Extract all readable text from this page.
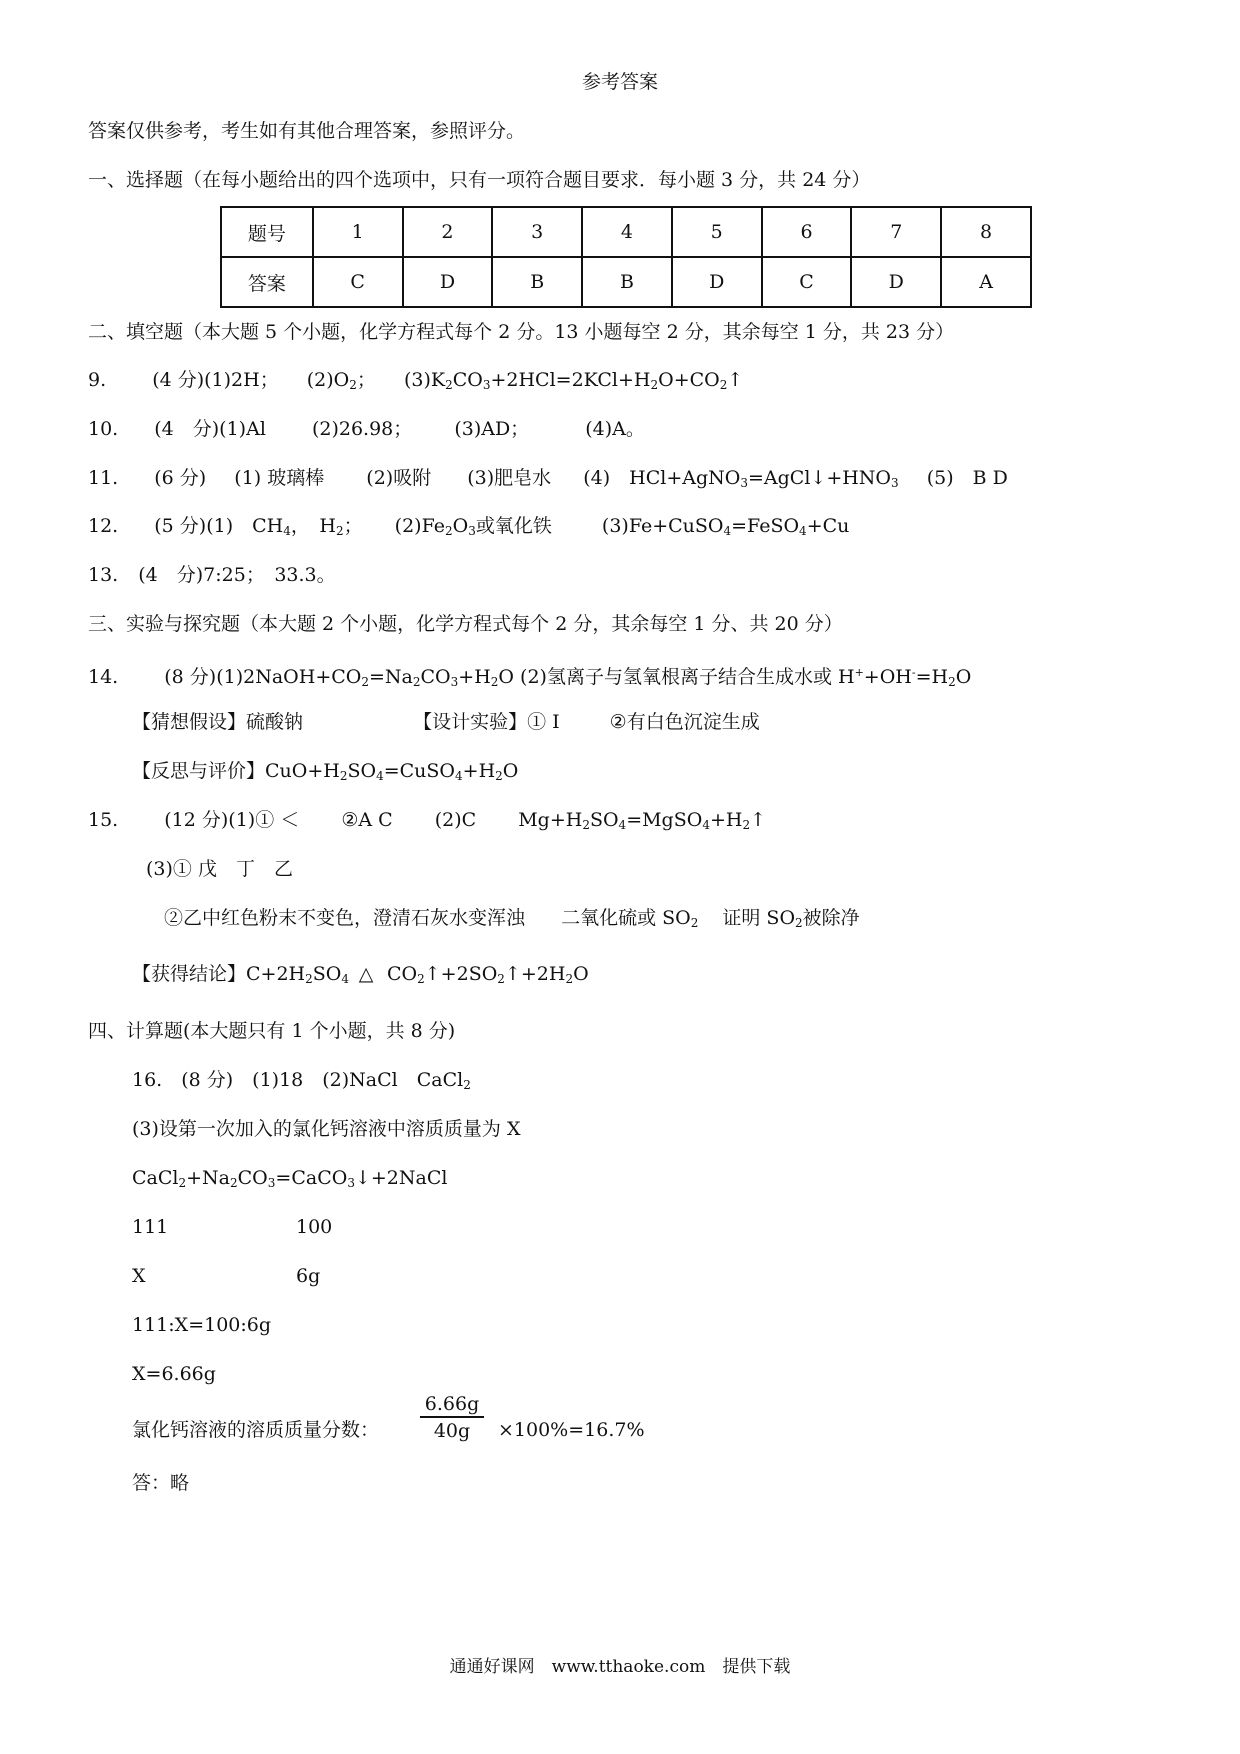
参考答案
答案仅供参考，考生如有其他合理答案，参照评分。
一、选择题（在每小题给出的四个选项中，只有一项符合题目要求．每小题 3 分，共 24 分）
题号	1	2	3	4	5	6	7	8
答案	C	D	B	B	D	C	D	A
二、填空题（本大题 5 个小题，化学方程式每个 2 分。13 小题每空 2 分，其余每空 1 分，共 23 分）
9. (4 分)(1)2H； $(2)O_2$； $(3)K_2CO_3+2HCl=2KCl+H_2O+CO_2↑$
10. (4　分)(1)Al (2)26.98； (3)AD；	(4)A。
11. (6 分) (1) 玻璃棒 (2)吸附 (3)肥皂水 (4)　$HCl+AgNO_3=AgCl↓+HNO_3$ (5)　B D
12. (5 分)(1)　$CH_4$，　$H_2$； $(2)Fe_2O_3$或氧化铁	(3)Fe+CuSO$_4$=FeSO$_4$+Cu
13. (4　分)7:25；　33.3。
三、实验与探究题（本大题 2 个小题，化学方程式每个 2 分，其余每空 1 分、共 20 分）
14. (8 分)$(1)2NaOH+CO_2=Na_2CO_3+H_2O$ (2)氢离子与氢氧根离子结合生成水或 $H^++OH^-=H_2O$
【猜想假设】硫酸钠	【设计实验】① I	②有白色沉淀生成
【反思与评价】$CuO+H_2SO_4=CuSO_4+H_2O$
15. (12 分)(1)① ＜ ②A C (2)C $Mg+H_2SO_4=MgSO_4+H_2↑$
(3)① 戊　丁　乙
②乙中红色粉末不变色，澄清石灰水变浑浊 二氧化硫或 $SO_2$ 证明 $SO_2$被除净
【获得结论】$C+2H_2SO_4$ △ $CO_2↑+2SO_2↑+2H_2O$
四、计算题(本大题只有 1 个小题，共 8 分)
16.　(8 分)　(1)18　(2)NaCl　CaCl$_2$
(3)设第一次加入的氯化钙溶液中溶质质量为 X
$CaCl_2+Na_2CO_3=CaCO_3↓+2NaCl$
111	100
X	6g
111:X=100:6g
X=6.66g
氯化钙溶液的溶质质量分数： $\frac{6.66g}{40g} \times 100\%=16.7\%$
答：略
通通好课网　www.tthaoke.com　提供下载
